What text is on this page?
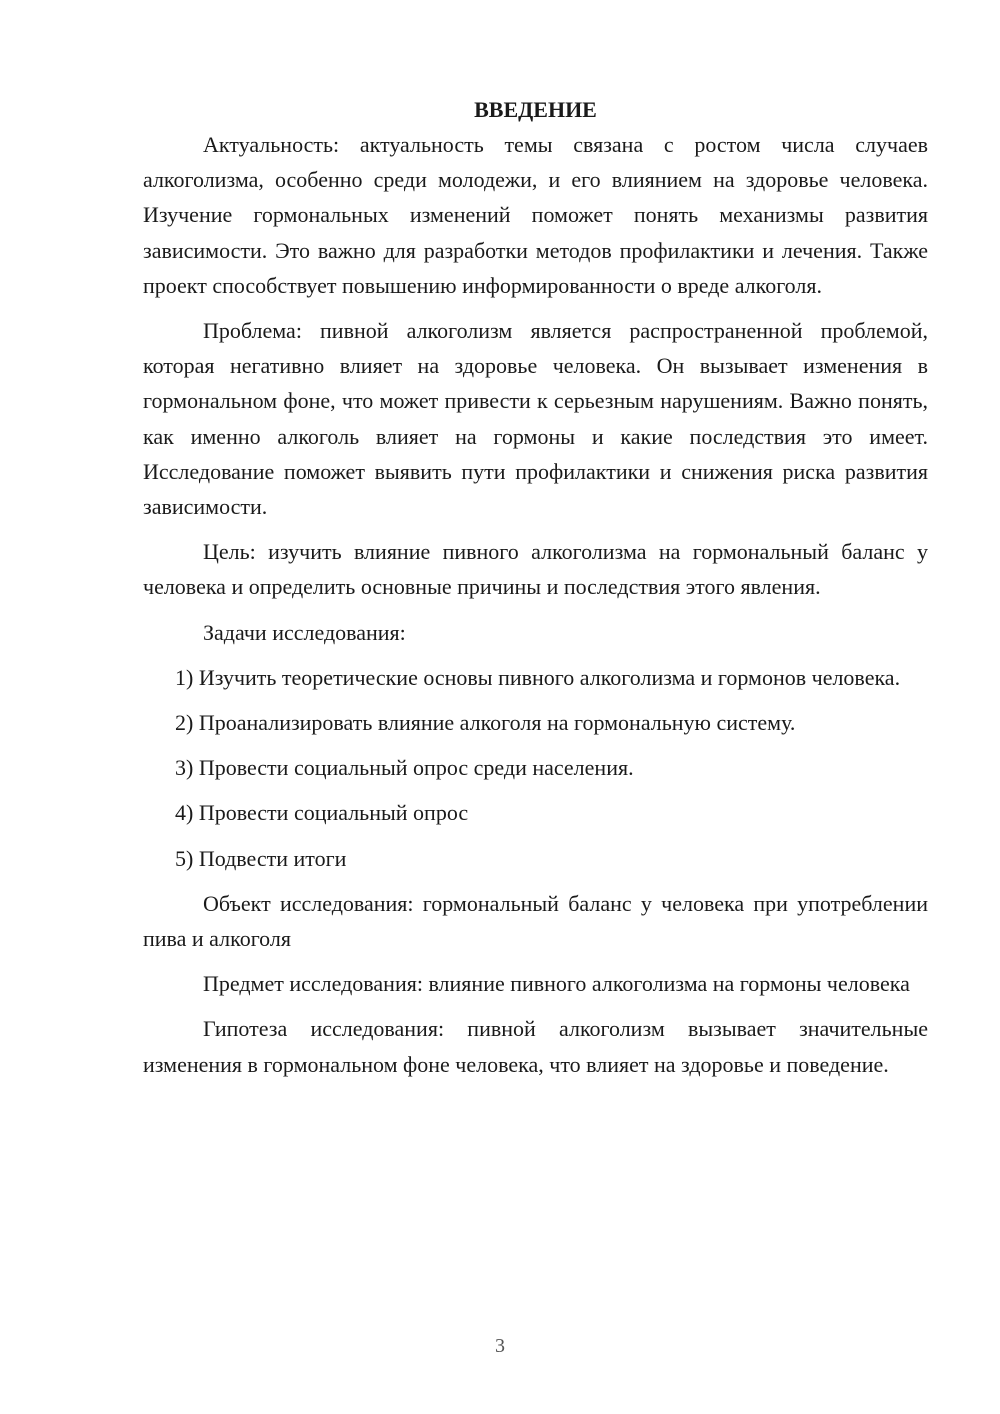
ВВЕДЕНИЕ

Актуальность: актуальность темы связана с ростом числа случаев алкоголизма, особенно среди молодежи, и его влиянием на здоровье человека. Изучение гормональных изменений поможет понять механизмы развития зависимости. Это важно для разработки методов профилактики и лечения. Также проект способствует повышению информированности о вреде алкоголя.

Проблема: пивной алкоголизм является распространенной проблемой, которая негативно влияет на здоровье человека. Он вызывает изменения в гормональном фоне, что может привести к серьезным нарушениям. Важно понять, как именно алкоголь влияет на гормоны и какие последствия это имеет. Исследование поможет выявить пути профилактики и снижения риска развития зависимости.

Цель: изучить влияние пивного алкоголизма на гормональный баланс у человека и определить основные причины и последствия этого явления.

Задачи исследования:

1) Изучить теоретические основы пивного алкоголизма и гормонов человека.

2) Проанализировать влияние алкоголя на гормональную систему.

3) Провести социальный опрос среди населения.

4) Провести социальный опрос

5) Подвести итоги

Объект исследования: гормональный баланс у человека при употреблении пива и алкоголя

Предмет исследования: влияние пивного алкоголизма на гормоны человека

Гипотеза исследования: пивной алкоголизм вызывает значительные изменения в гормональном фоне человека, что влияет на здоровье и поведение.

3
